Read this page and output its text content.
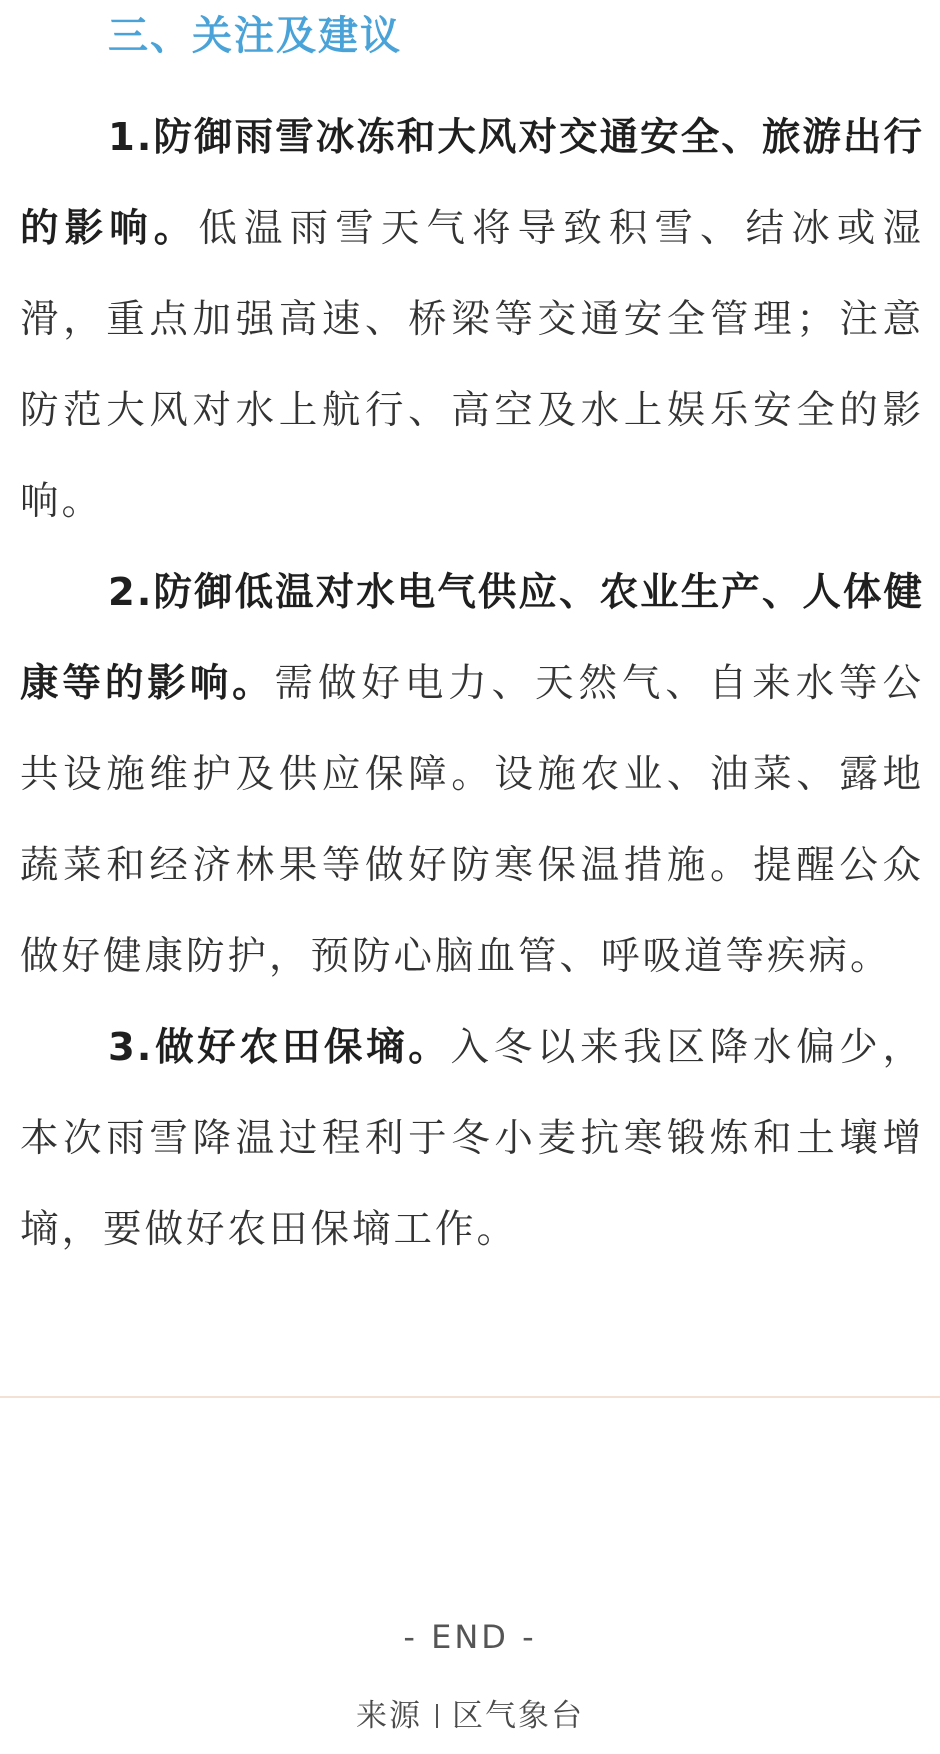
三、关注及建议

1.防御雨雪冰冻和大风对交通安全、旅游出行的影响。低温雨雪天气将导致积雪、结冰或湿滑，重点加强高速、桥梁等交通安全管理；注意防范大风对水上航行、高空及水上娱乐安全的影响。

2.防御低温对水电气供应、农业生产、人体健康等的影响。需做好电力、天然气、自来水等公共设施维护及供应保障。设施农业、油菜、露地蔬菜和经济林果等做好防寒保温措施。提醒公众做好健康防护，预防心脑血管、呼吸道等疾病。

3.做好农田保墒。入冬以来我区降水偏少，本次雨雪降温过程利于冬小麦抗寒锻炼和土壤增墒，要做好农田保墒工作。

- END -
来源 区气象台
